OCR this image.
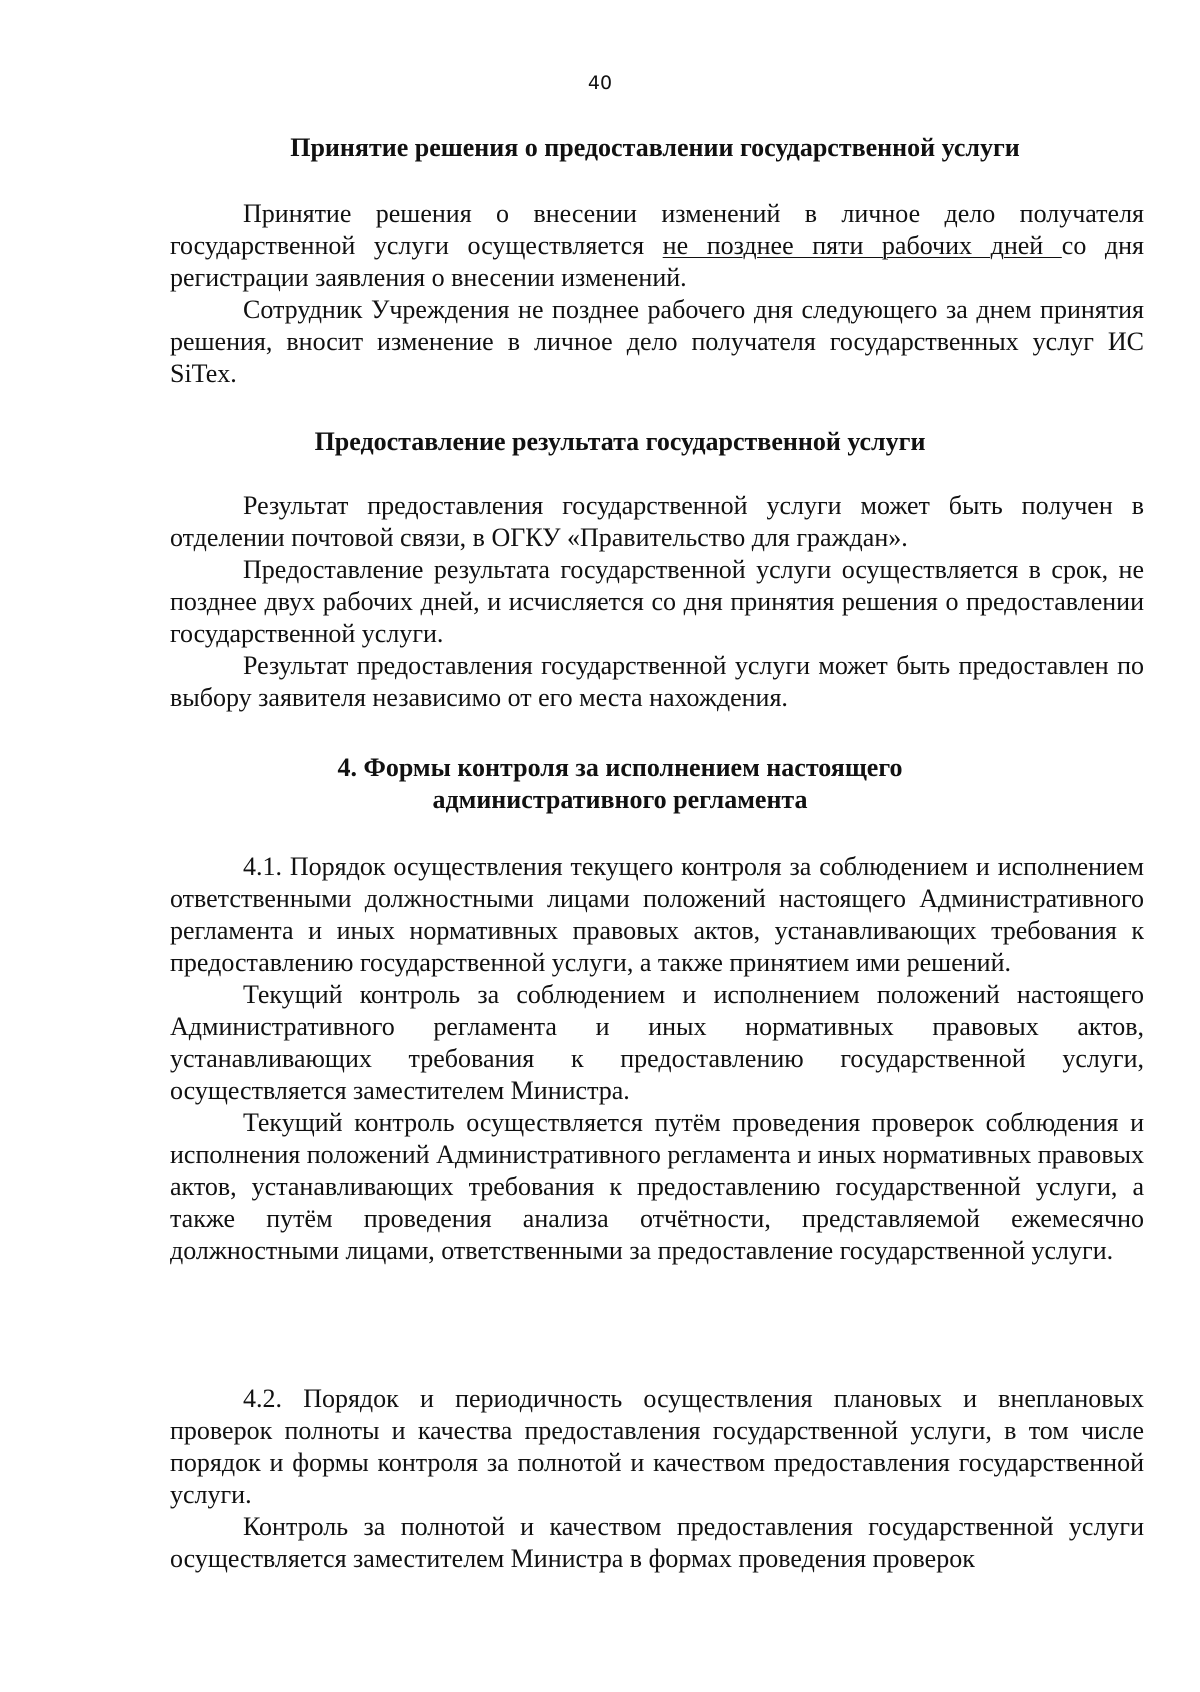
40
Принятие решения о предоставлении государственной услуги

Принятие решения о внесении изменений в личное дело получателя государственной услуги осуществляется не позднее пяти рабочих дней со дня регистрации заявления о внесении изменений.

Сотрудник Учреждения не позднее рабочего дня следующего за днем принятия решения, вносит изменение в личное дело получателя государственных услуг ИС SiTex.

Предоставление результата государственной услуги

Результат предоставления государственной услуги может быть получен в отделении почтовой связи, в ОГКУ «Правительство для граждан».

Предоставление результата государственной услуги осуществляется в срок, не позднее двух рабочих дней, и исчисляется со дня принятия решения о предоставлении государственной услуги.

Результат предоставления государственной услуги может быть предоставлен по выбору заявителя независимо от его места нахождения.

4. Формы контроля за исполнением настоящего
административного регламента

4.1. Порядок осуществления текущего контроля за соблюдением и исполнением ответственными должностными лицами положений настоящего Административного регламента и иных нормативных правовых актов, устанавливающих требования к предоставлению государственной услуги, а также принятием ими решений.

Текущий контроль за соблюдением и исполнением положений настоящего Административного регламента и иных нормативных правовых актов, устанавливающих требования к предоставлению государственной услуги, осуществляется заместителем Министра.

Текущий контроль осуществляется путём проведения проверок соблюдения и исполнения положений Административного регламента и иных нормативных правовых актов, устанавливающих требования к предоставлению государственной услуги, а также путём проведения анализа отчётности, представляемой ежемесячно должностными лицами, ответственными за предоставление государственной услуги.

4.2. Порядок и периодичность осуществления плановых и внеплановых проверок полноты и качества предоставления государственной услуги, в том числе порядок и формы контроля за полнотой и качеством предоставления государственной услуги.

Контроль за полнотой и качеством предоставления государственной услуги осуществляется заместителем Министра в формах проведения проверок
